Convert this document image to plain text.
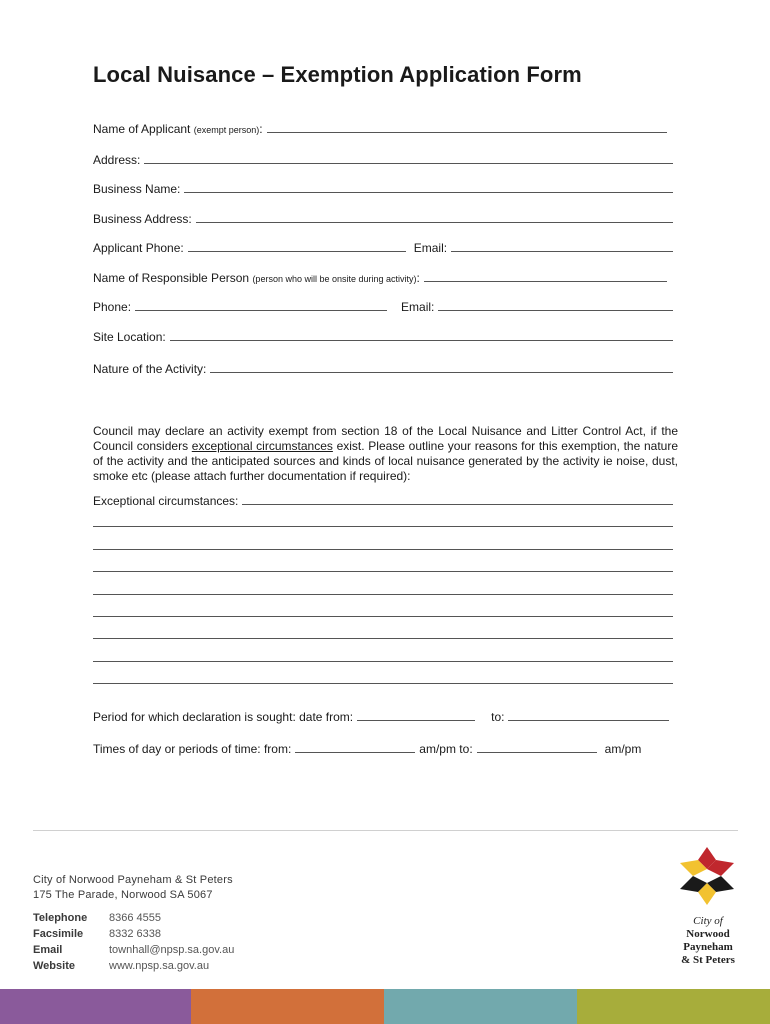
Local Nuisance – Exemption Application Form
Name of Applicant (exempt person):
Address:
Business Name:
Business Address:
Applicant Phone:	Email:
Name of Responsible Person (person who will be onsite during activity):
Phone:	Email:
Site Location:
Nature of the Activity:
Council may declare an activity exempt from section 18 of the Local Nuisance and Litter Control Act, if the Council considers exceptional circumstances exist. Please outline your reasons for this exemption, the nature of the activity and the anticipated sources and kinds of local nuisance generated by the activity ie noise, dust, smoke etc (please attach further documentation if required):
Exceptional circumstances:
Period for which declaration is sought: date from:	to:
Times of day or periods of time: from:	am/pm to:	am/pm
City of Norwood Payneham & St Peters
175 The Parade, Norwood SA 5067
Telephone	8366 4555
Facsimile	8332 6338
Email	townhall@npsp.sa.gov.au
Website	www.npsp.sa.gov.au
City of
Norwood
Payneham
& St Peters
